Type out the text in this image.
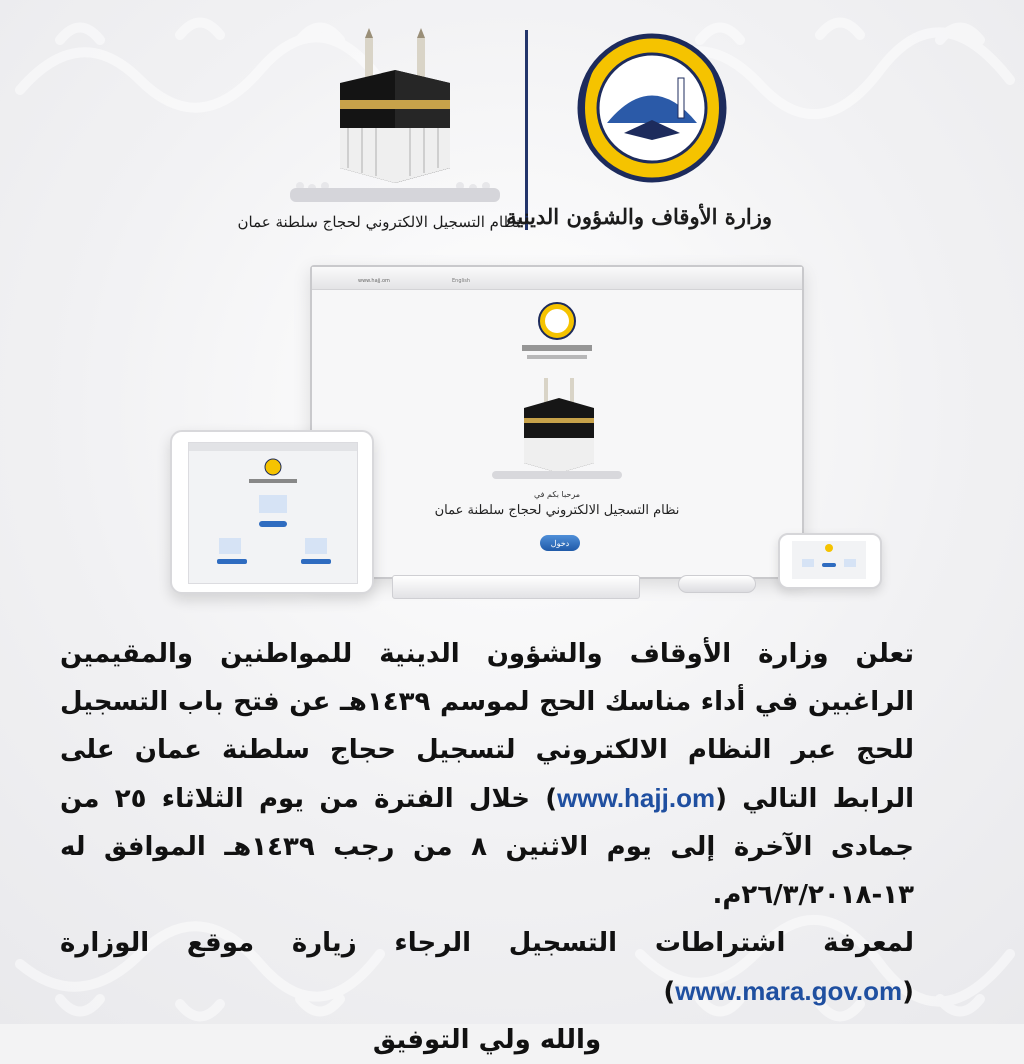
نظام التسجيل الالكتروني لحجاج سلطنة عمان
وزارة الأوقاف والشؤون الدينية
www.hajj.om	English
مرحبا بكم في
نظام التسجيل الالكتروني لحجاج سلطنة عمان
دخول

تعلن وزارة الأوقاف والشؤون الدينية للمواطنين والمقيمين الراغبين في أداء مناسك الحج لموسم ١٤٣٩هـ عن فتح باب التسجيل للحج عبر النظام الالكتروني لتسجيل حجاج سلطنة عمان على الرابط التالي (www.hajj.om) خلال الفترة من يوم الثلاثاء ٢٥ من جمادى الآخرة إلى يوم الاثنين ٨ من رجب ١٤٣٩هـ الموافق له ١٣-٢٦/٣/٢٠١٨م.

لمعرفة اشتراطات التسجيل الرجاء زيارة موقع الوزارة (www.mara.gov.om)

والله ولي التوفيق
